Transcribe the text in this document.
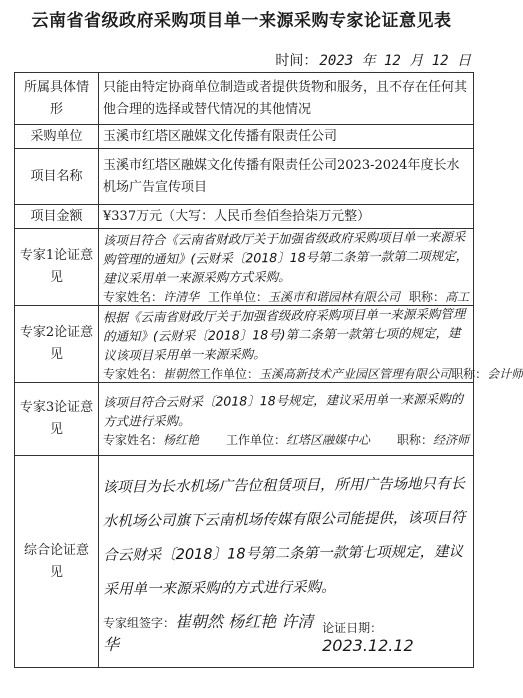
云南省省级政府采购项目单一来源采购专家论证意见表
时间： 2023 年 12 月 12 日
所属具体情形	只能由特定协商单位制造或者提供货物和服务，且不存在任何其他合理的选择或替代情况的其他情况
采购单位	玉溪市红塔区融媒文化传播有限责任公司
项目名称	玉溪市红塔区融媒文化传播有限责任公司2023-2024年度长水机场广告宣传项目
项目金额	¥337万元（大写：人民币叁佰叁拾柒万元整）
专家1论证意见	该项目符合《云南省财政厅关于加强省级政府采购项目单一来源采购管理的通知》(云财采〔2018〕18号第二条第一款第二项规定，建议采用单一来源采购方式采购。
专家姓名：许清华 工作单位：玉溪市和谐园林有限公司 职称：高工

专家2论证意见	根据《云南省财政厅关于加强省级政府采购项目单一来源采购管理的通知》(云财采〔2018〕18号)第二条第一款第七项的规定，建议该项目采用单一来源采购。
专家姓名：崔朝然 工作单位：玉溪高新技术产业园区管理有限公司 职称：会计师

专家3论证意见	该项目符合云财采〔2018〕18号规定，建议采用单一来源采购的方式进行采购。
专家姓名：杨红艳 工作单位：红塔区融媒中心 职称：经济师

综合论证意见	该项目为长水机场广告位租赁项目，所用广告场地只有长水机场公司旗下云南机场传媒有限公司能提供，该项目符合云财采〔2018〕18号第二条第一款第七项规定，建议采用单一来源采购的方式进行采购。
专家组签字：崔朝然 杨红艳 许清华
论证日期：2023.12.12
